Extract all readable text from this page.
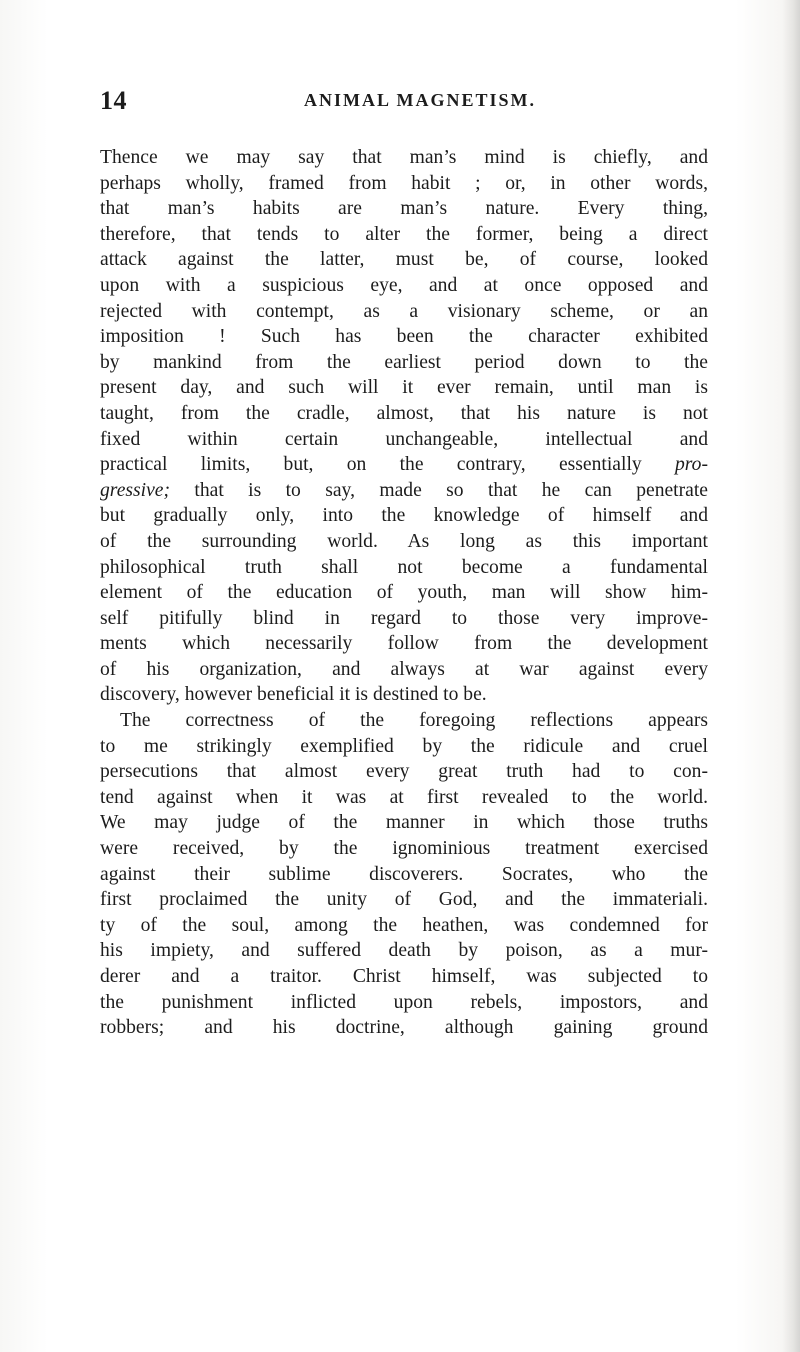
14	ANIMAL MAGNETISM.
Thence we may say that man’s mind is chiefly, and
perhaps wholly, framed from habit ; or, in other words,
that man’s habits are man’s nature. Every thing,
therefore, that tends to alter the former, being a direct
attack against the latter, must be, of course, looked
upon with a suspicious eye, and at once opposed and
rejected with contempt, as a visionary scheme, or an
imposition ! Such has been the character exhibited
by mankind from the earliest period down to the
present day, and such will it ever remain, until man is
taught, from the cradle, almost, that his nature is not
fixed within certain unchangeable, intellectual and
practical limits, but, on the contrary, essentially pro-
gressive; that is to say, made so that he can penetrate
but gradually only, into the knowledge of himself and
of the surrounding world. As long as this important
philosophical truth shall not become a fundamental
element of the education of youth, man will show him-
self pitifully blind in regard to those very improve-
ments which necessarily follow from the development
of his organization, and always at war against every
discovery, however beneficial it is destined to be.
The correctness of the foregoing reflections appears
to me strikingly exemplified by the ridicule and cruel
persecutions that almost every great truth had to con-
tend against when it was at first revealed to the world.
We may judge of the manner in which those truths
were received, by the ignominious treatment exercised
against their sublime discoverers. Socrates, who the
first proclaimed the unity of God, and the immateriali.
ty of the soul, among the heathen, was condemned for
his impiety, and suffered death by poison, as a mur-
derer and a traitor. Christ himself, was subjected to
the punishment inflicted upon rebels, impostors, and
robbers; and his doctrine, although gaining ground
